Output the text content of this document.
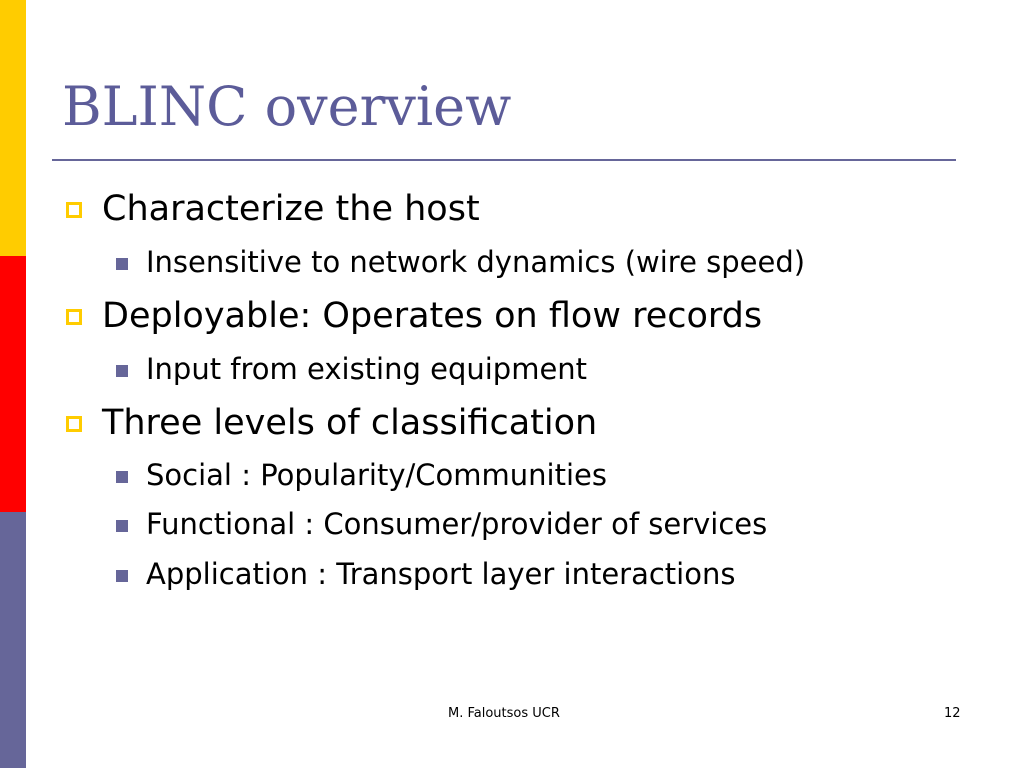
BLINC overview
Characterize the host
Insensitive to network dynamics (wire speed)
Deployable: Operates on flow records
Input from existing equipment
Three levels of classification
Social : Popularity/Communities
Functional : Consumer/provider of services
Application : Transport layer interactions
M. Faloutsos UCR	12
